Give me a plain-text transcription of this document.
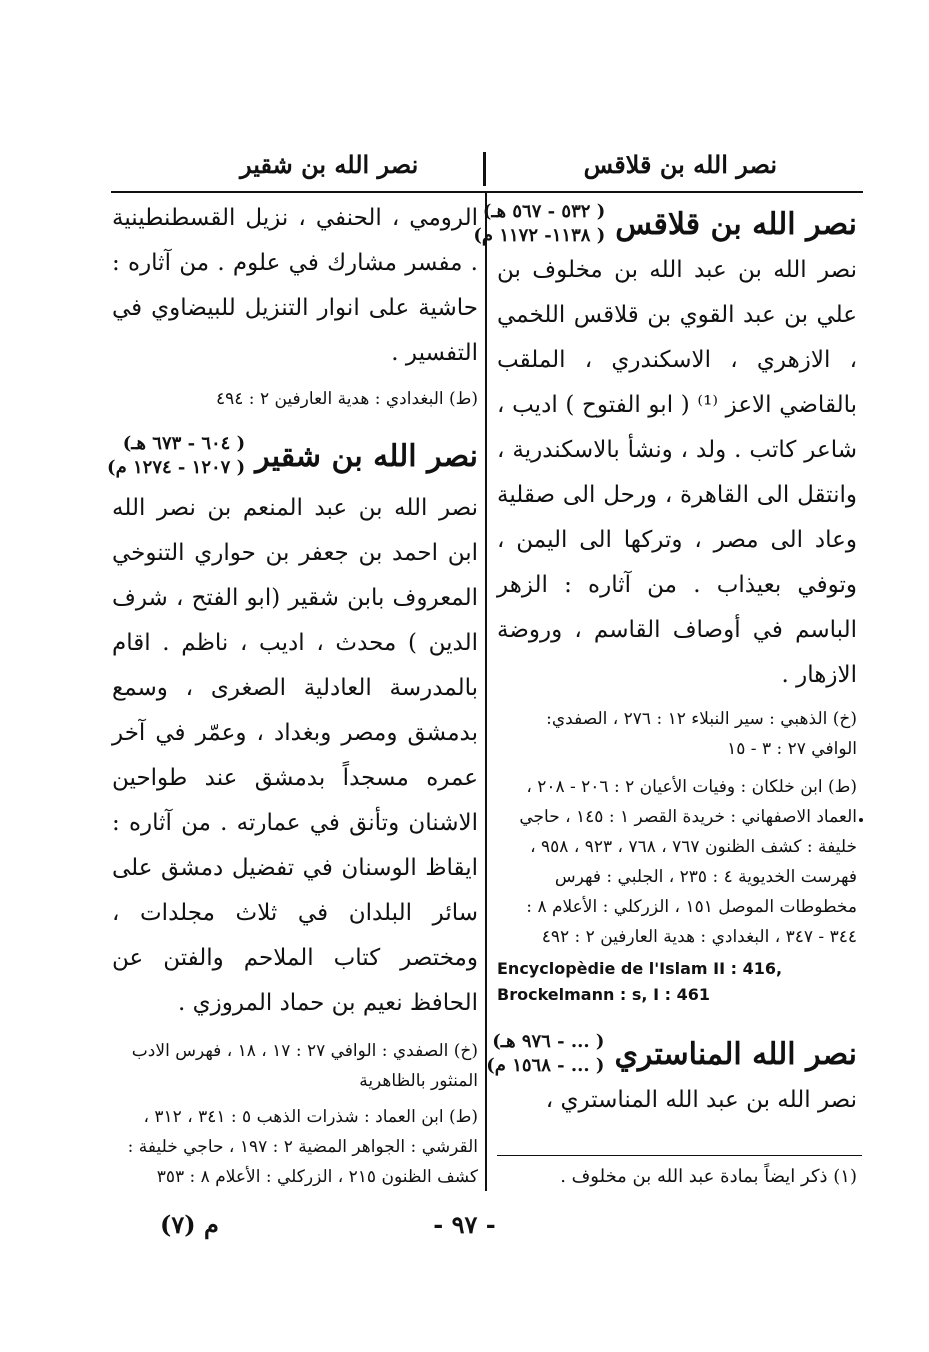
نصر الله بن قلاقس
نصر الله بن شقير
نصر الله بن قلاقس
( ٥٣٢ - ٥٦٧ هـ)
( ١١٣٨- ١١٧٢ م)

نصر الله بن عبد الله بن مخلوف بن علي بن عبد القوي بن قلاقس اللخمي ، الازهري ، الاسكندري ، الملقب بالقاضي الاعز ⁽¹⁾ ( ابو الفتوح ) اديب ، شاعر كاتب . ولد ، ونشأ بالاسكندرية ، وانتقل الى القاهرة ، ورحل الى صقلية وعاد الى مصر ، وتركها الى اليمن ، وتوفي بعيذاب . من آثاره : الزهر الباسم في أوصاف القاسم ، وروضة الازهار .

(خ) الذهبي : سير النبلاء ١٢ : ٢٧٦ ، الصفدي: الوافي ٢٧ : ٣ - ١٥

(ط) ابن خلكان : وفيات الأعيان ٢ : ٢٠٦ - ٢٠٨ ، العماد الاصفهاني : خريدة القصر ١ : ١٤٥ ، حاجي خليفة : كشف الظنون ٧٦٧ ، ٧٦٨ ، ٩٢٣ ، ٩٥٨ ، فهرست الخديوية ٤ : ٢٣٥ ، الجلبي : فهرس مخطوطات الموصل ١٥١ ، الزركلي : الأعلام ٨ : ٣٤٤ - ٣٤٧ ، البغدادي : هدية العارفين ٢ : ٤٩٢

Encyclopèdie de l'Islam II : 416, Brockelmann : s, I : 461

نصر الله المناستري
( ... - ٩٧٦ هـ)
( ... - ١٥٦٨ م)

نصر الله بن عبد الله المناستري ،

(١) ذكر ايضاً بمادة عبد الله بن مخلوف .

الرومي ، الحنفي ، نزيل القسطنطينية . مفسر مشارك في علوم . من آثاره : حاشية على انوار التنزيل للبيضاوي في التفسير .

(ط) البغدادي : هدية العارفين ٢ : ٤٩٤

نصر الله بن شقير
( ٦٠٤ - ٦٧٣ هـ)
( ١٢٠٧ - ١٢٧٤ م)

نصر الله بن عبد المنعم بن نصر الله ابن احمد بن جعفر بن حواري التنوخي المعروف بابن شقير (ابو الفتح ، شرف الدين ) محدث ، اديب ، ناظم . اقام بالمدرسة العادلية الصغرى ، وسمع بدمشق ومصر وبغداد ، وعمّر في آخر عمره مسجداً بدمشق عند طواحين الاشنان وتأنق في عمارته . من آثاره : ايقاظ الوسنان في تفضيل دمشق على سائر البلدان في ثلاث مجلدات ، ومختصر كتاب الملاحم والفتن عن الحافظ نعيم بن حماد المروزي .

(خ) الصفدي : الوافي ٢٧ : ١٧ ، ١٨ ، فهرس الادب المنثور بالظاهرية

(ط) ابن العماد : شذرات الذهب ٥ : ٣٤١ ، ٣١٢ ، القرشي : الجواهر المضية ٢ : ١٩٧ ، حاجي خليفة : كشف الظنون ٢١٥ ، الزركلي : الأعلام ٨ : ٣٥٣

- ٩٧ -
م (٧)
